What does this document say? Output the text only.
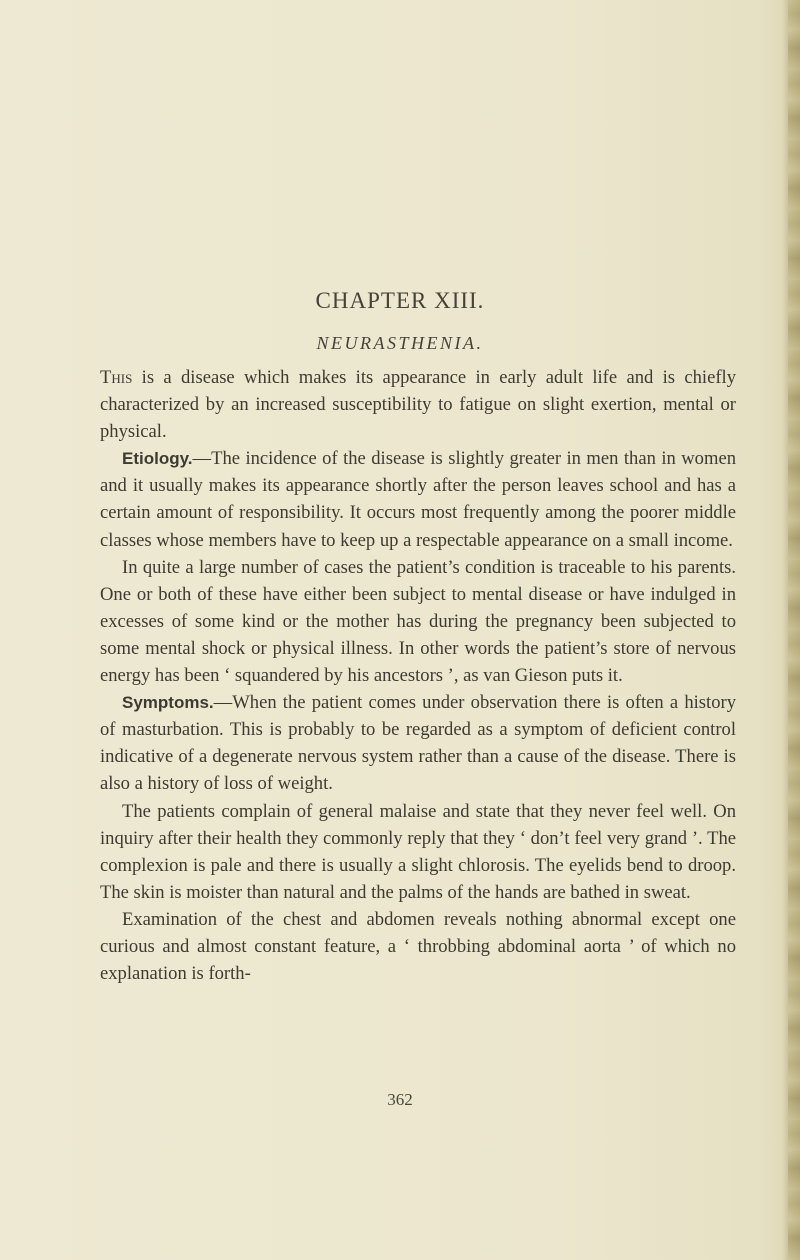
CHAPTER XIII.
NEURASTHENIA.

This is a disease which makes its appearance in early adult life and is chiefly characterized by an increased susceptibility to fatigue on slight exertion, mental or physical.

Etiology.—The incidence of the disease is slightly greater in men than in women and it usually makes its appearance shortly after the person leaves school and has a certain amount of responsibility. It occurs most frequently among the poorer middle classes whose members have to keep up a respectable appearance on a small income.

In quite a large number of cases the patient’s condition is traceable to his parents. One or both of these have either been subject to mental disease or have indulged in excesses of some kind or the mother has during the pregnancy been subjected to some mental shock or physical illness. In other words the patient’s store of nervous energy has been ‘ squandered by his ancestors ’, as van Gieson puts it.

Symptoms.—When the patient comes under observation there is often a history of masturbation. This is probably to be regarded as a symptom of deficient control indicative of a degenerate nervous system rather than a cause of the disease. There is also a history of loss of weight.

The patients complain of general malaise and state that they never feel well. On inquiry after their health they commonly reply that they ‘ don’t feel very grand ’. The complexion is pale and there is usually a slight chlorosis. The eyelids bend to droop. The skin is moister than natural and the palms of the hands are bathed in sweat.

Examination of the chest and abdomen reveals nothing abnormal except one curious and almost constant feature, a ‘ throbbing abdominal aorta ’ of which no explanation is forth-

362
